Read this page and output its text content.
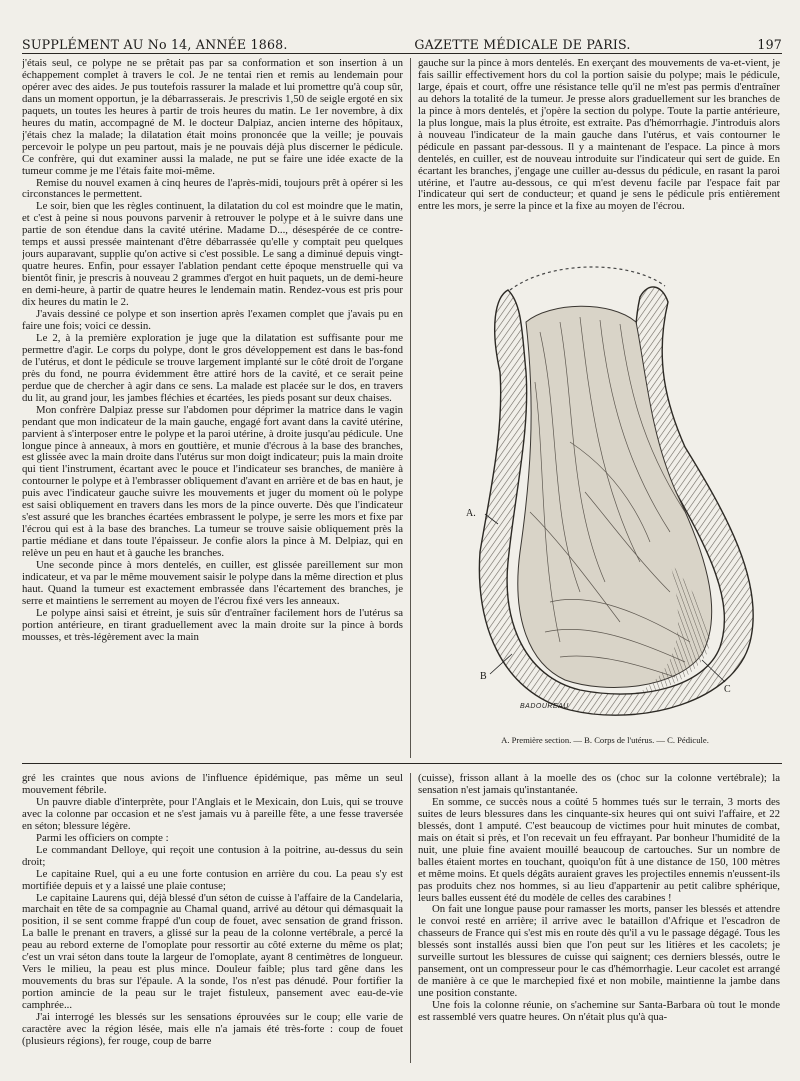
SUPPLÉMENT AU No 14, ANNÉE 1868.	GAZETTE MÉDICALE DE PARIS.	197

j'étais seul, ce polype ne se prêtait pas par sa conformation et son insertion à un échappement complet à travers le col. Je ne tentai rien et remis au lendemain pour opérer avec des aides. Je pus toutefois rassurer la malade et lui promettre qu'à coup sûr, dans un moment opportun, je la débarrasserais. Je prescrivis 1,50 de seigle ergoté en six paquets, un toutes les heures à partir de trois heures du matin. Le 1er novembre, à dix heures du matin, accompagné de M. le docteur Dalpiaz, ancien interne des hôpitaux, j'étais chez la malade; la dilatation était moins prononcée que la veille; je pouvais percevoir le polype un peu partout, mais je ne pouvais déjà plus discerner le pédicule. Ce confrère, qui dut examiner aussi la malade, ne put se faire une idée exacte de la tumeur comme je me l'étais faite moi-même.

Remise du nouvel examen à cinq heures de l'après-midi, toujours prêt à opérer si les circonstances le permettent.

Le soir, bien que les règles continuent, la dilatation du col est moindre que le matin, et c'est à peine si nous pouvons parvenir à retrouver le polype et à le suivre dans une partie de son étendue dans la cavité utérine. Madame D..., désespérée de ce contre-temps et aussi pressée maintenant d'être débarrassée qu'elle y comptait peu quelques jours auparavant, supplie qu'on active si c'est possible. Le sang a diminué depuis vingt-quatre heures. Enfin, pour essayer l'ablation pendant cette époque menstruelle qui va bientôt finir, je prescris à nouveau 2 grammes d'ergot en huit paquets, un de demi-heure en demi-heure, à partir de quatre heures le lendemain matin. Rendez-vous est pris pour dix heures du matin le 2.

J'avais dessiné ce polype et son insertion après l'examen complet que j'avais pu en faire une fois; voici ce dessin.

Le 2, à la première exploration je juge que la dilatation est suffisante pour me permettre d'agir. Le corps du polype, dont le gros développement est dans le bas-fond de l'utérus, et dont le pédicule se trouve largement implanté sur le côté droit de l'organe près du fond, ne pourra évidemment être attiré hors de la cavité, et ce serait peine perdue que de chercher à agir dans ce sens. La malade est placée sur le dos, en travers du lit, au grand jour, les jambes fléchies et écartées, les pieds posant sur deux chaises.

Mon confrère Dalpiaz presse sur l'abdomen pour déprimer la matrice dans le vagin pendant que mon indicateur de la main gauche, engagé fort avant dans la cavité utérine, parvient à s'interposer entre le polype et la paroi utérine, à droite jusqu'au pédicule. Une longue pince à anneaux, à mors en gouttière, et munie d'écrous à la base des branches, est glissée avec la main droite dans l'utérus sur mon doigt indicateur; puis la main droite qui tient l'instrument, écartant avec le pouce et l'indicateur ses branches, de manière à contourner le polype et à l'embrasser obliquement d'avant en arrière et de bas en haut, je puis avec l'indicateur gauche suivre les mouvements et juger du moment où le polype est saisi obliquement en travers dans les mors de la pince ouverte. Dès que l'indicateur s'est assuré que les branches écartées embrassent le polype, je serre les mors et fixe par l'écrou qui est à la base des branches. La tumeur se trouve saisie obliquement près la partie médiane et dans toute l'épaisseur. Je confie alors la pince à M. Delpiaz, qui en relève un peu en haut et à gauche les branches.

Une seconde pince à mors dentelés, en cuiller, est glissée pareillement sur mon indicateur, et va par le même mouvement saisir le polype dans la même direction et plus haut. Quand la tumeur est exactement embrassée dans l'écartement des branches, je serre et maintiens le serrement au moyen de l'écrou fixé vers les anneaux.

Le polype ainsi saisi et étreint, je suis sûr d'entraîner facilement hors de l'utérus sa portion antérieure, en tirant graduellement avec la main droite sur la pince à bords mousses, et très-légèrement avec la main

gauche sur la pince à mors dentelés. En exerçant des mouvements de va-et-vient, je fais saillir effectivement hors du col la portion saisie du polype; mais le pédicule, large, épais et court, offre une résistance telle qu'il ne m'est pas permis d'entraîner au dehors la totalité de la tumeur. Je presse alors graduellement sur les branches de la pince à mors dentelés, et j'opère la section du polype. Toute la partie antérieure, la plus longue, mais la plus étroite, est extraite. Pas d'hémorrhagie. J'introduis alors à nouveau l'indicateur de la main gauche dans l'utérus, et vais contourner le pédicule en passant par-dessous. Il y a maintenant de l'espace. La pince à mors dentelés, en cuiller, est de nouveau introduite sur l'indicateur qui sert de guide. En écartant les branches, j'engage une cuiller au-dessus du pédicule, en rasant la paroi utérine, et l'autre au-dessous, ce qui m'est devenu facile par l'espace fait par l'indicateur qui sert de conducteur; et quand je sens le pédicule pris entièrement entre les mors, je serre la pince et la fixe au moyen de l'écrou.

A.
B
C
BADOUREAU
A. Première section. — B. Corps de l'utérus. — C. Pédicule.

gré les craintes que nous avions de l'influence épidémique, pas même un seul mouvement fébrile.

Un pauvre diable d'interprète, pour l'Anglais et le Mexicain, don Luis, qui se trouve avec la colonne par occasion et ne s'est jamais vu à pareille fête, a une fesse traversée en séton; blessure légère.

Parmi les officiers on compte :

Le commandant Delloye, qui reçoit une contusion à la poitrine, au-dessus du sein droit;

Le capitaine Ruel, qui a eu une forte contusion en arrière du cou. La peau s'y est mortifiée depuis et y a laissé une plaie contuse;

Le capitaine Laurens qui, déjà blessé d'un séton de cuisse à l'affaire de la Candelaria, marchait en tête de sa compagnie au Chamal quand, arrivé au détour qui démasquait la position, il se sent comme frappé d'un coup de fouet, avec sensation de grand frisson. La balle le prenant en travers, a glissé sur la peau de la colonne vertébrale, a percé la peau au rebord externe de l'omoplate pour ressortir au côté externe du même os plat; c'est un vrai séton dans toute la largeur de l'omoplate, ayant 8 centimètres de longueur. Vers le milieu, la peau est plus mince. Douleur faible; plus tard gêne dans les mouvements du bras sur l'épaule. A la sonde, l'os n'est pas dénudé. Pour fortifier la portion amincie de la peau sur le trajet fistuleux, pansement avec eau-de-vie camphrée...

J'ai interrogé les blessés sur les sensations éprouvées sur le coup; elle varie de caractère avec la région lésée, mais elle n'a jamais été très-forte : coup de fouet (plusieurs régions), fer rouge, coup de barre

(cuisse), frisson allant à la moelle des os (choc sur la colonne vertébrale); la sensation n'est jamais qu'instantanée.

En somme, ce succès nous a coûté 5 hommes tués sur le terrain, 3 morts des suites de leurs blessures dans les cinquante-six heures qui ont suivi l'affaire, et 22 blessés, dont 1 amputé. C'est beaucoup de victimes pour huit minutes de combat, mais on était si près, et l'on recevait un feu effrayant. Par bonheur l'humidité de la nuit, une pluie fine avaient mouillé beaucoup de cartouches. Sur un nombre de balles étaient mortes en touchant, quoiqu'on fût à une distance de 150, 100 mètres et même moins. Et quels dégâts auraient graves les projectiles ennemis n'eussent-ils pas produits chez nos hommes, si au lieu d'appartenir au petit calibre sphérique, leurs balles eussent été du modèle de celles des carabines !

On fait une longue pause pour ramasser les morts, panser les blessés et attendre le convoi resté en arrière; il arrive avec le bataillon d'Afrique et l'escadron de chasseurs de France qui s'est mis en route dès qu'il a vu le passage dégagé. Tous les blessés sont installés aussi bien que l'on peut sur les litières et les cacolets; je surveille surtout les blessures de cuisse qui saignent; ces derniers blessés, outre le pansement, ont un compresseur pour le cas d'hémorrhagie. Leur cacolet est arrangé de manière à ce que le marchepied fixé et non mobile, maintienne la jambe dans une position constante.

Une fois la colonne réunie, on s'achemine sur Santa-Barbara où tout le monde est rassemblé vers quatre heures. On n'était plus qu'à qua-
